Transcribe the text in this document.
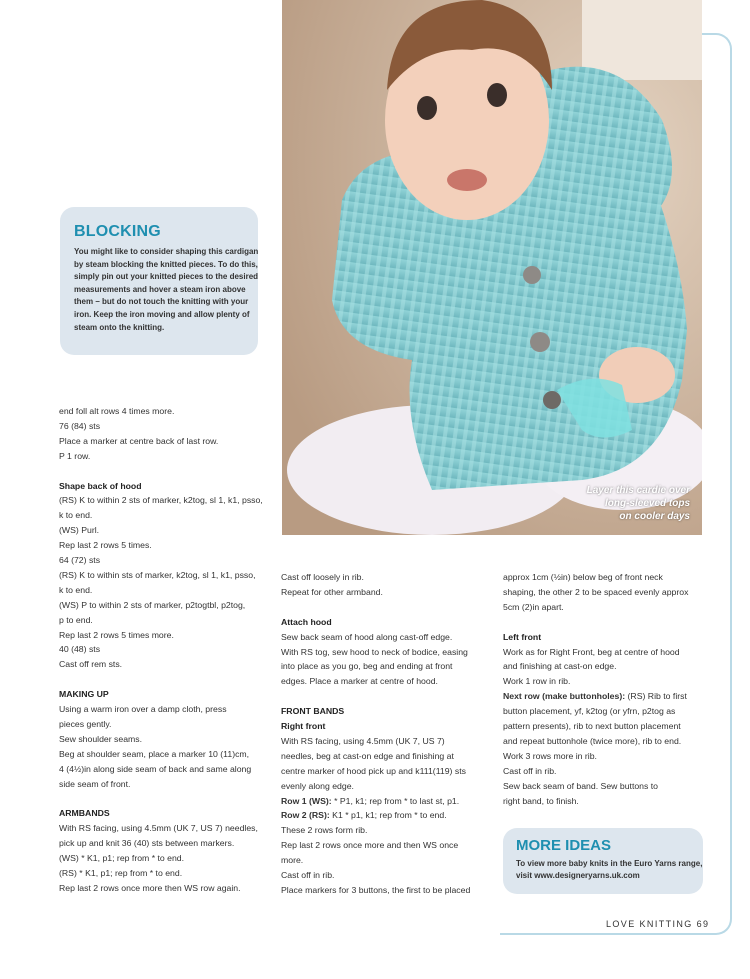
Layer this cardie over
long-sleeved tops
on cooler days
BLOCKING

You might like to consider shaping this cardigan
by steam blocking the knitted pieces. To do this,
simply pin out your knitted pieces to the desired
measurements and hover a steam iron above
them – but do not touch the knitting with your
iron. Keep the iron moving and allow plenty of
steam onto the knitting.

end foll alt rows 4 times more.
76 (84) sts
Place a marker at centre back of last row.
P 1 row.
Shape back of hood
(RS) K to within 2 sts of marker, k2tog, sl 1, k1, psso,
k to end.
(WS) Purl.
Rep last 2 rows 5 times.
64 (72) sts
(RS) K to within sts of marker, k2tog, sl 1, k1, psso,
k to end.
(WS) P to within 2 sts of marker, p2togtbl, p2tog,
p to end.
Rep last 2 rows 5 times more.
40 (48) sts
Cast off rem sts.
MAKING UP
Using a warm iron over a damp cloth, press
pieces gently.
Sew shoulder seams.
Beg at shoulder seam, place a marker 10 (11)cm,
4 (4½)in along side seam of back and same along
side seam of front.
ARMBANDS
With RS facing, using 4.5mm (UK 7, US 7) needles,
pick up and knit 36 (40) sts between markers.
(WS) * K1, p1; rep from * to end.
(RS) * K1, p1; rep from * to end.
Rep last 2 rows once more then WS row again.
Cast off loosely in rib.
Repeat for other armband.
Attach hood
Sew back seam of hood along cast-off edge.
With RS tog, sew hood to neck of bodice, easing
into place as you go, beg and ending at front
edges. Place a marker at centre of hood.
FRONT BANDS
Right front
With RS facing, using 4.5mm (UK 7, US 7)
needles, beg at cast-on edge and finishing at
centre marker of hood pick up and k111(119) sts
evenly along edge.
Row 1 (WS): * P1, k1; rep from * to last st, p1.
Row 2 (RS): K1 * p1, k1; rep from * to end.
These 2 rows form rib.
Rep last 2 rows once more and then WS once
more.
Cast off in rib.
Place markers for 3 buttons, the first to be placed
approx 1cm (½in) below beg of front neck
shaping, the other 2 to be spaced evenly approx
5cm (2)in apart.
Left front
Work as for Right Front, beg at centre of hood
and finishing at cast-on edge.
Work 1 row in rib.
Next row (make buttonholes): (RS) Rib to first
button placement, yf, k2tog (or yfrn, p2tog as
pattern presents), rib to next button placement
and repeat buttonhole (twice more), rib to end.
Work 3 rows more in rib.
Cast off in rib.
Sew back seam of band. Sew buttons to
right band, to finish.
MORE IDEAS

To view more baby knits in the Euro Yarns range,
visit www.designeryarns.uk.com

LOVE KNITTING 69
